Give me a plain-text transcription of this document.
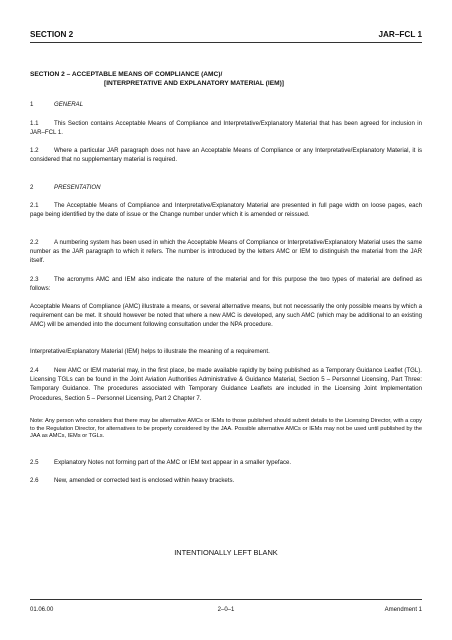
SECTION 2	JAR–FCL 1
SECTION 2 – ACCEPTABLE MEANS OF COMPLIANCE (AMC)/
[INTERPRETATIVE AND EXPLANATORY MATERIAL (IEM)]
1	GENERAL
1.1	This Section contains Acceptable Means of Compliance and Interpretative/Explanatory Material that has been agreed for inclusion in JAR–FCL 1.
1.2	Where a particular JAR paragraph does not have an Acceptable Means of Compliance or any Interpretative/Explanatory Material, it is considered that no supplementary material is required.
2	PRESENTATION
2.1	The Acceptable Means of Compliance and Interpretative/Explanatory Material are presented in full page width on loose pages, each page being identified by the date of issue or the Change number under which it is amended or reissued.
2.2	A numbering system has been used in which the Acceptable Means of Compliance or Interpretative/Explanatory Material uses the same number as the JAR paragraph to which it refers. The number is introduced by the letters AMC or IEM to distinguish the material from the JAR itself.
2.3	The acronyms AMC and IEM also indicate the nature of the material and for this purpose the two types of material are defined as follows:
Acceptable Means of Compliance (AMC) illustrate a means, or several alternative means, but not necessarily the only possible means by which a requirement can be met. It should however be noted that where a new AMC is developed, any such AMC (which may be additional to an existing AMC) will be amended into the document following consultation under the NPA procedure.
Interpretative/Explanatory Material (IEM) helps to illustrate the meaning of a requirement.
2.4	New AMC or IEM material may, in the first place, be made available rapidly by being published as a Temporary Guidance Leaflet (TGL). Licensing TGLs can be found in the Joint Aviation Authorities Administrative & Guidance Material, Section 5 – Personnel Licensing, Part Three: Temporary Guidance. The procedures associated with Temporary Guidance Leaflets are included in the Licensing Joint Implementation Procedures, Section 5 – Personnel Licensing, Part 2 Chapter 7.
Note: Any person who considers that there may be alternative AMCs or IEMs to those published should submit details to the Licensing Director, with a copy to the Regulation Director, for alternatives to be properly considered by the JAA. Possible alternative AMCs or IEMs may not be used until published by the JAA as AMCs, IEMs or TGLs.
2.5	Explanatory Notes not forming part of the AMC or IEM text appear in a smaller typeface.
2.6	New, amended or corrected text is enclosed within heavy brackets.
INTENTIONALLY LEFT BLANK
01.06.00	2–0–1	Amendment 1
